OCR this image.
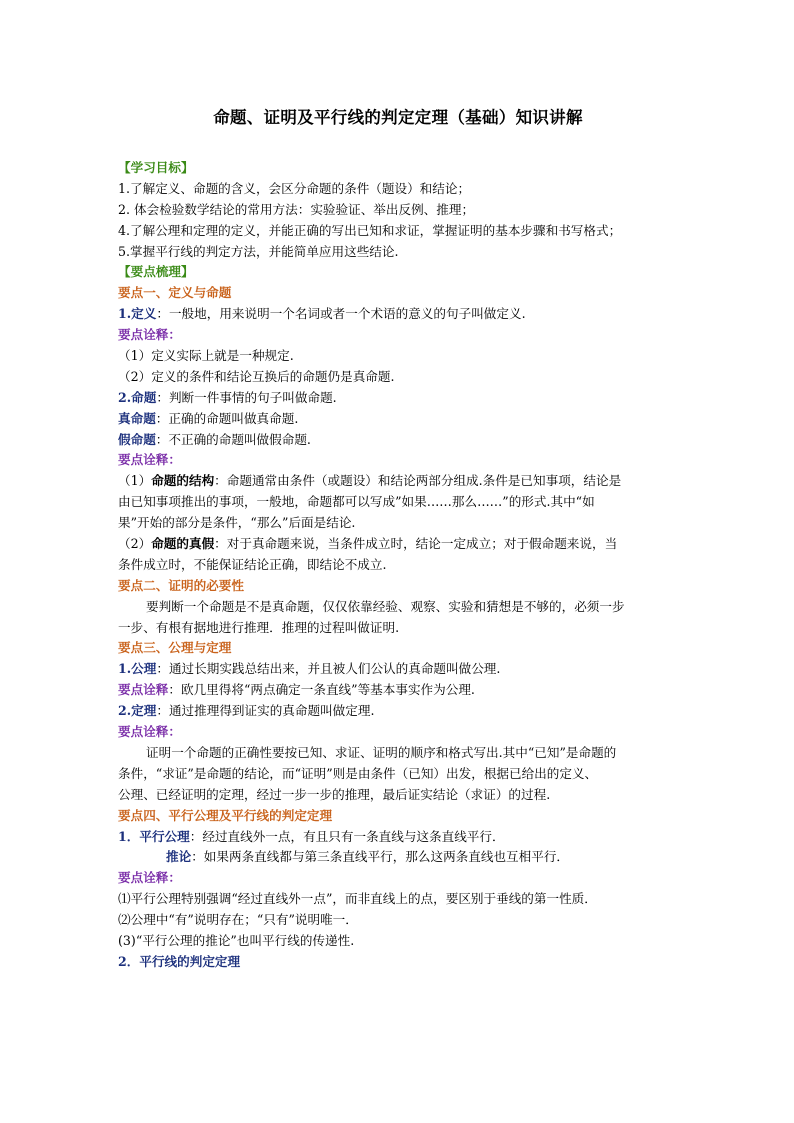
命题、证明及平行线的判定定理（基础）知识讲解
【学习目标】
1.了解定义、命题的含义，会区分命题的条件（题设）和结论；
2. 体会检验数学结论的常用方法：实验验证、举出反例、推理；
4.了解公理和定理的定义，并能正确的写出已知和求证，掌握证明的基本步骤和书写格式；
5.掌握平行线的判定方法，并能简单应用这些结论.
【要点梳理】
要点一、定义与命题
1.定义：一般地，用来说明一个名词或者一个术语的意义的句子叫做定义.
要点诠释：
（1）定义实际上就是一种规定.
（2）定义的条件和结论互换后的命题仍是真命题.
2.命题：判断一件事情的句子叫做命题.
真命题：正确的命题叫做真命题.
假命题：不正确的命题叫做假命题.
要点诠释：
（1）命题的结构：命题通常由条件（或题设）和结论两部分组成.条件是已知事项，结论是
由已知事项推出的事项，一般地，命题都可以写成”如果……那么……”的形式.其中“如
果”开始的部分是条件，“那么”后面是结论.
（2）命题的真假：对于真命题来说，当条件成立时，结论一定成立；对于假命题来说，当
条件成立时，不能保证结论正确，即结论不成立.
要点二、证明的必要性
要判断一个命题是不是真命题，仅仅依靠经验、观察、实验和猜想是不够的，必须一步
一步、有根有据地进行推理．推理的过程叫做证明.
要点三、公理与定理
1.公理：通过长期实践总结出来，并且被人们公认的真命题叫做公理.
要点诠释：欧几里得将“两点确定一条直线”等基本事实作为公理.
2.定理：通过推理得到证实的真命题叫做定理.
要点诠释：
证明一个命题的正确性要按已知、求证、证明的顺序和格式写出.其中“已知”是命题的
条件，“求证”是命题的结论，而“证明”则是由条件（已知）出发，根据已给出的定义、
公理、已经证明的定理，经过一步一步的推理，最后证实结论（求证）的过程.
要点四、平行公理及平行线的判定定理
1．平行公理：经过直线外一点，有且只有一条直线与这条直线平行．
推论：如果两条直线都与第三条直线平行，那么这两条直线也互相平行．
要点诠释：
⑴平行公理特别强调“经过直线外一点”，而非直线上的点，要区别于垂线的第一性质．
⑵公理中“有”说明存在；“只有”说明唯一．
(3)“平行公理的推论”也叫平行线的传递性.
2．平行线的判定定理
